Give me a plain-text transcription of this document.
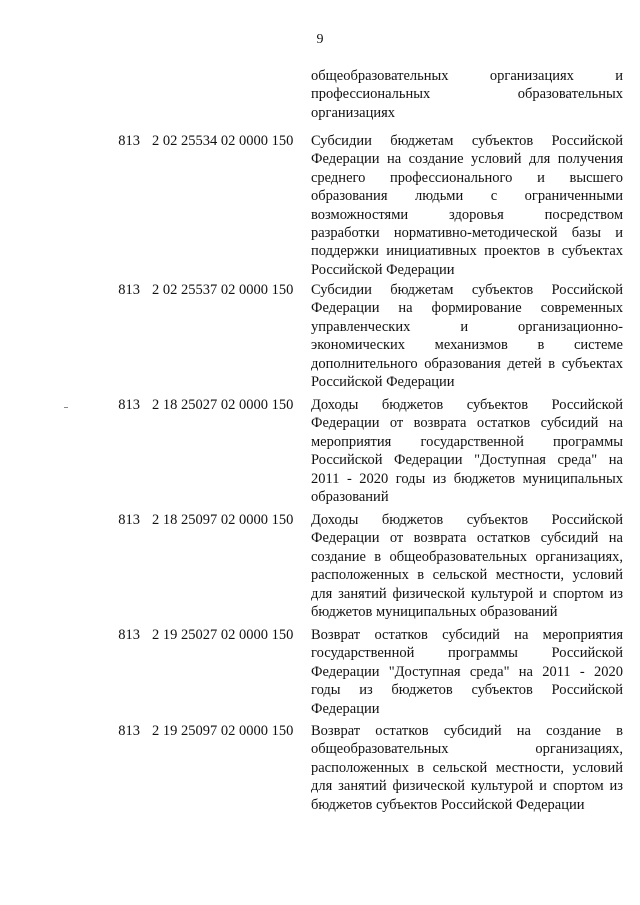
9
общеобразовательных организациях и
профессиональных образовательных
организациях
813 2 02 25534 02 0000 150	Субсидии бюджетам субъектов Российской
Федерации на создание условий для получения
среднего профессионального и высшего
образования людьми с ограниченными
возможностями здоровья посредством
разработки нормативно-методической базы и
поддержки инициативных проектов в субъектах
Российской Федерации
813 2 02 25537 02 0000 150	Субсидии бюджетам субъектов Российской
Федерации на формирование современных
управленческих и организационно-
экономических механизмов в системе
дополнительного образования детей в субъектах
Российской Федерации
813 2 18 25027 02 0000 150	Доходы бюджетов субъектов Российской
Федерации от возврата остатков субсидий на
мероприятия государственной программы
Российской Федерации "Доступная среда" на
2011 - 2020 годы из бюджетов муниципальных
образований
813 2 18 25097 02 0000 150	Доходы бюджетов субъектов Российской
Федерации от возврата остатков субсидий на
создание в общеобразовательных организациях,
расположенных в сельской местности, условий
для занятий физической культурой и спортом из
бюджетов муниципальных образований
813 2 19 25027 02 0000 150	Возврат остатков субсидий на мероприятия
государственной программы Российской
Федерации "Доступная среда" на 2011 - 2020
годы из бюджетов субъектов Российской
Федерации
813 2 19 25097 02 0000 150	Возврат остатков субсидий на создание в
общеобразовательных организациях,
расположенных в сельской местности, условий
для занятий физической культурой и спортом из
бюджетов субъектов Российской Федерации
